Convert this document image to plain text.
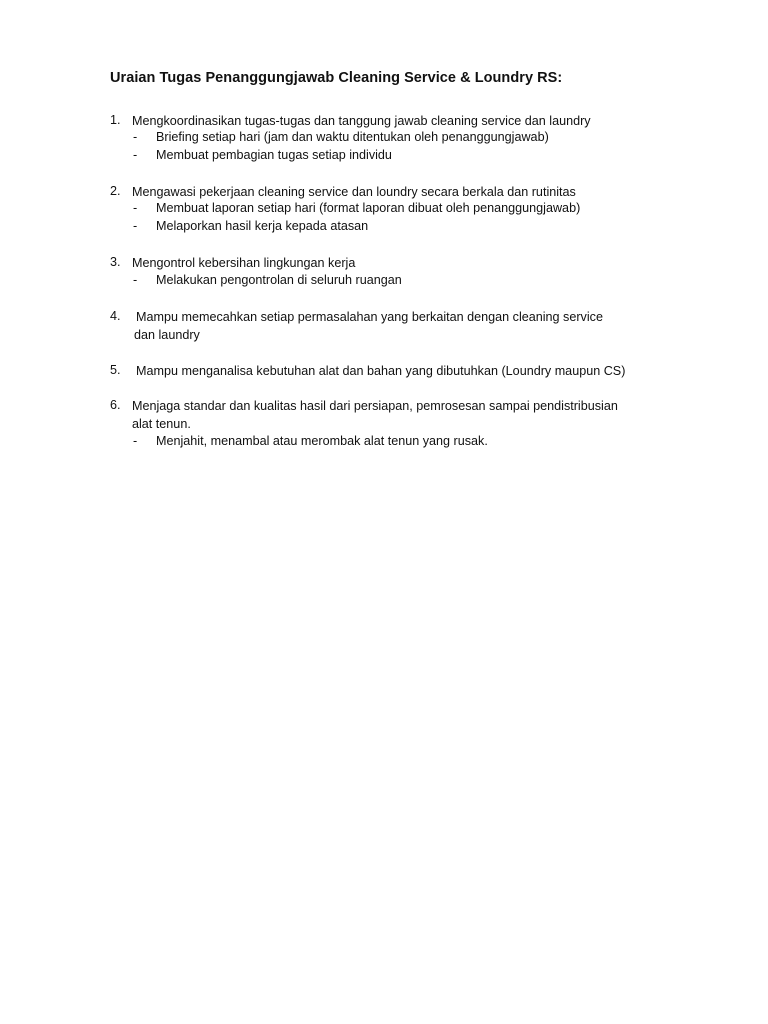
Uraian Tugas Penanggungjawab Cleaning Service & Loundry RS:
1. Mengkoordinasikan tugas-tugas dan tanggung jawab cleaning service dan laundry
- Briefing setiap hari (jam dan waktu ditentukan oleh penanggungjawab)
- Membuat pembagian tugas setiap individu
2. Mengawasi pekerjaan cleaning service dan loundry secara berkala dan rutinitas
- Membuat laporan setiap hari (format laporan dibuat oleh penanggungjawab)
- Melaporkan hasil kerja kepada atasan
3. Mengontrol kebersihan lingkungan kerja
- Melakukan pengontrolan di seluruh ruangan
4. Mampu memecahkan setiap permasalahan yang berkaitan dengan cleaning service
dan laundry
5. Mampu menganalisa kebutuhan alat dan bahan yang dibutuhkan (Loundry maupun CS)
6. Menjaga standar dan kualitas hasil dari persiapan, pemrosesan sampai pendistribusian
alat tenun.
- Menjahit, menambal atau merombak alat tenun yang rusak.
